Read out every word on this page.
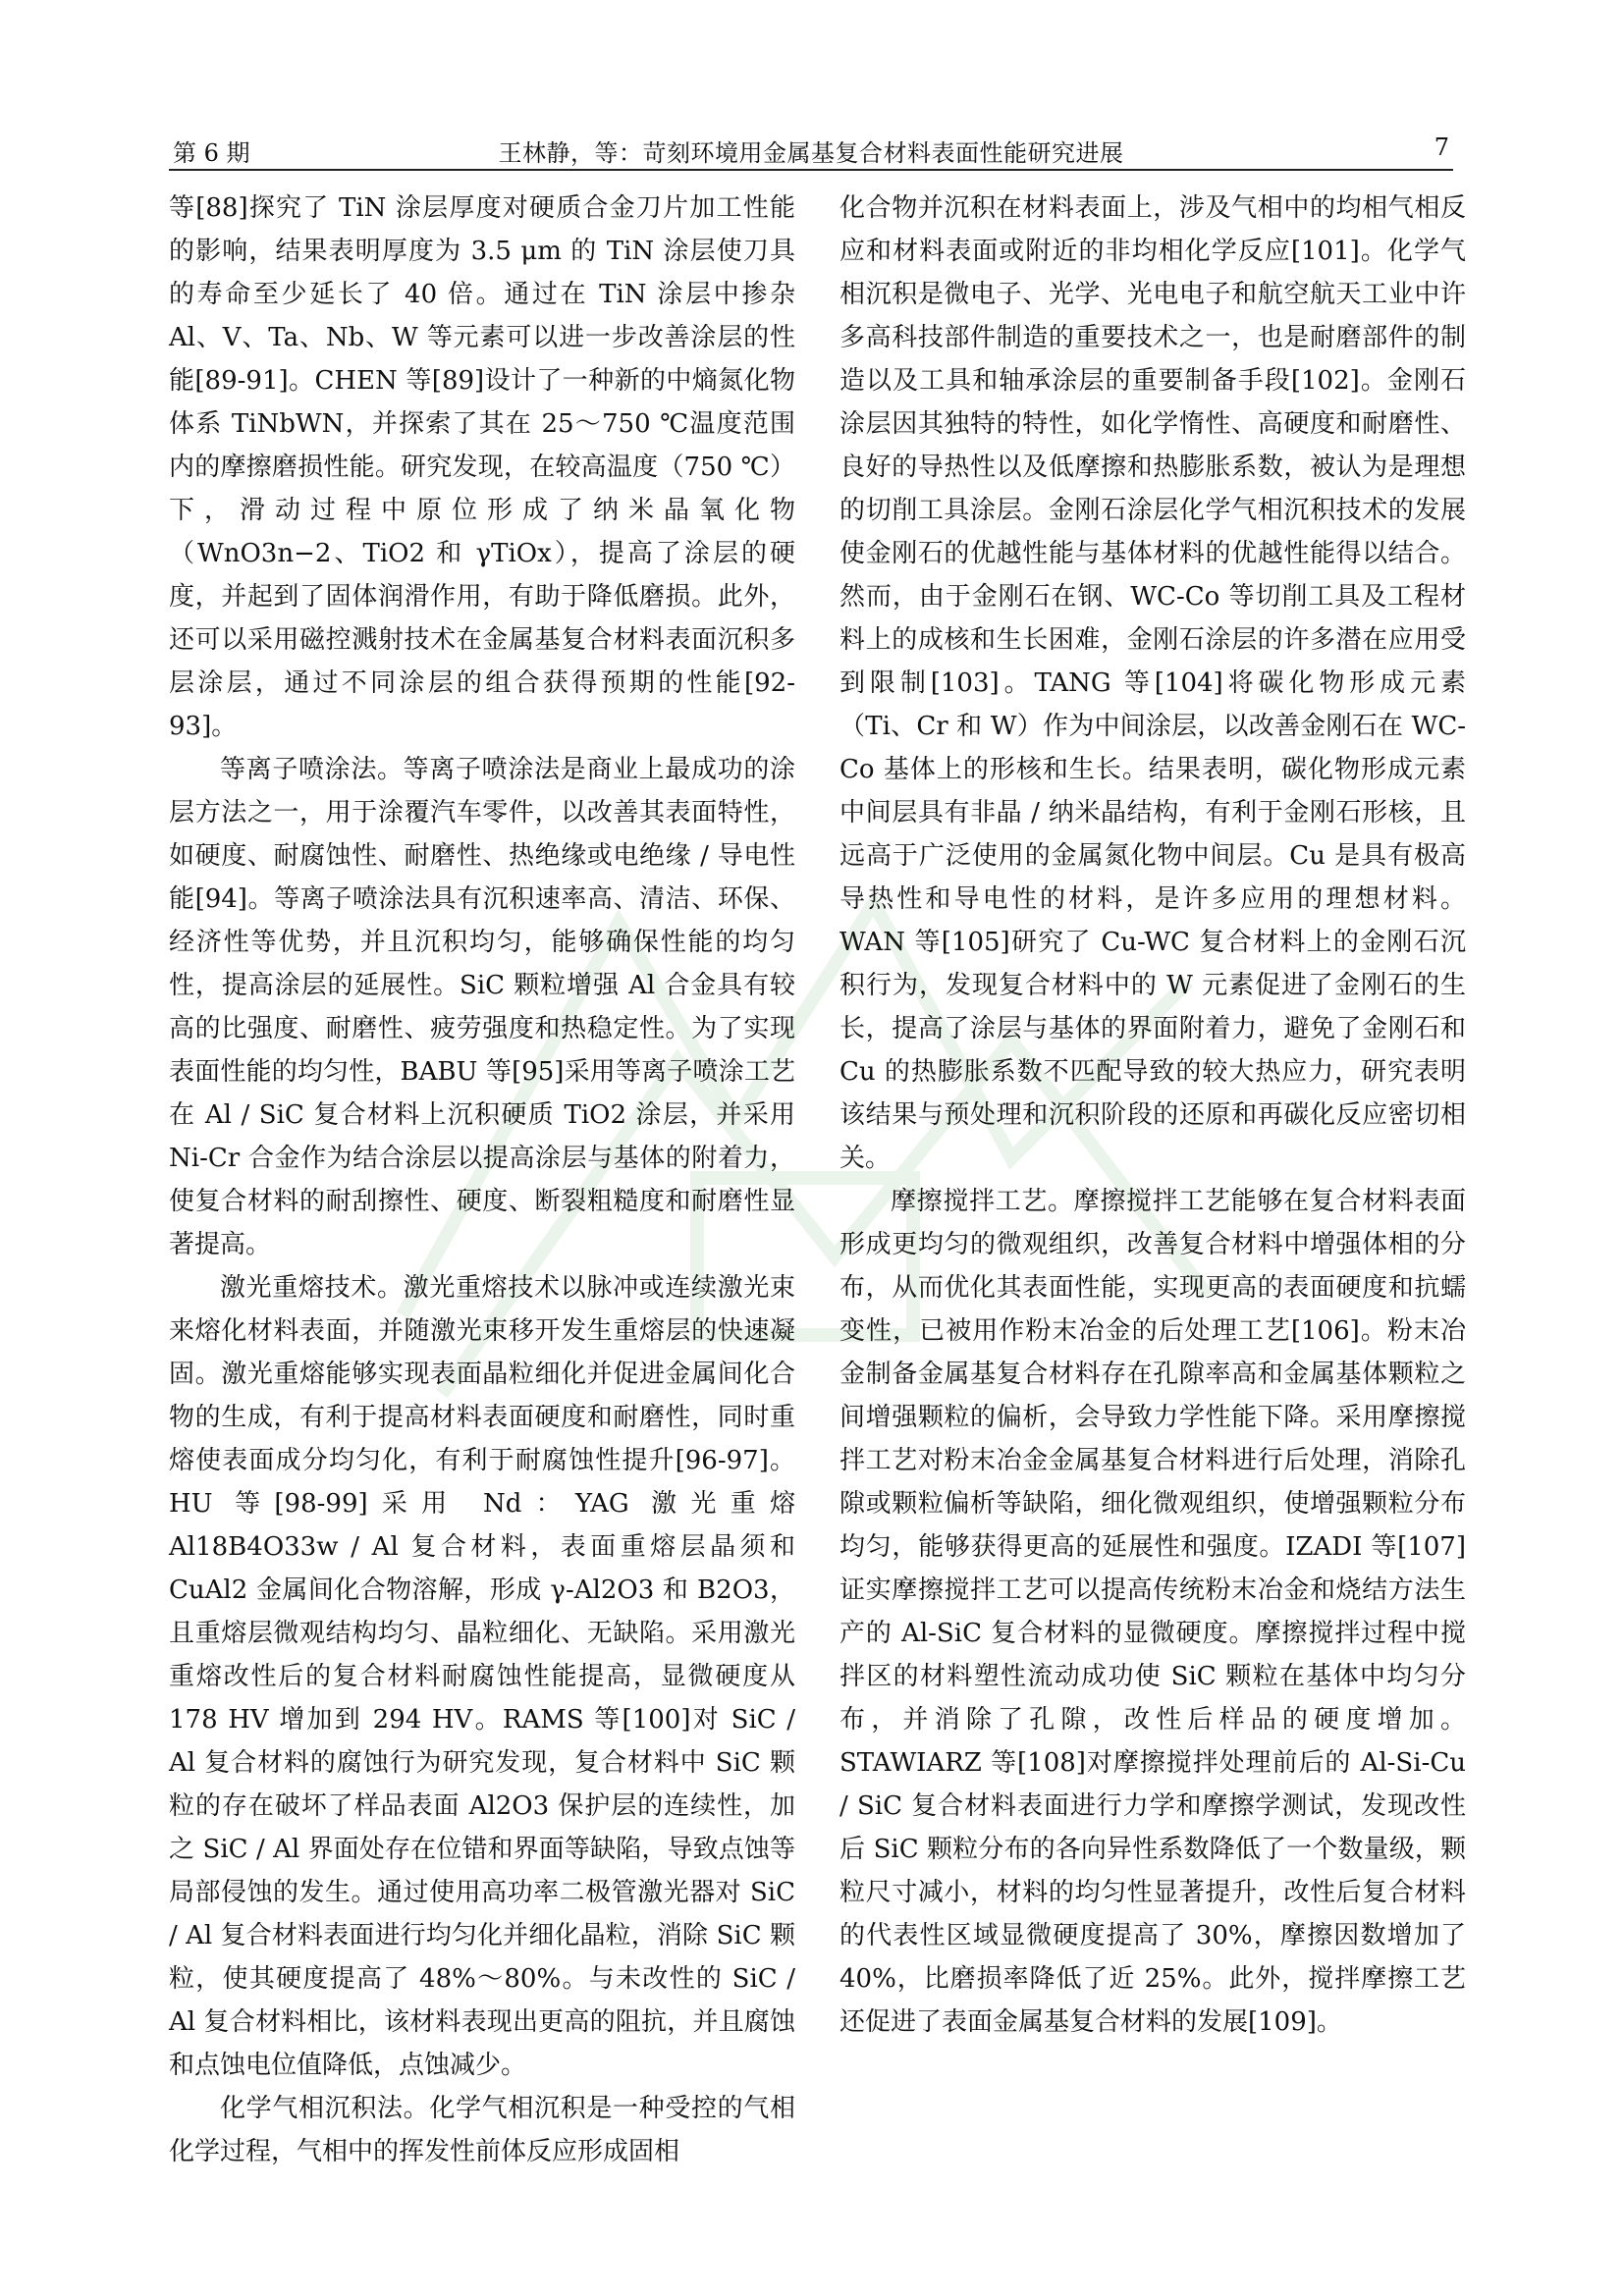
第 6 期	王林静，等：苛刻环境用金属基复合材料表面性能研究进展	7

等[88]探究了 TiN 涂层厚度对硬质合金刀片加工性能的影响，结果表明厚度为 3.5 μm 的 TiN 涂层使刀具的寿命至少延长了 40 倍。通过在 TiN 涂层中掺杂 Al、V、Ta、Nb、W 等元素可以进一步改善涂层的性能[89-91]。CHEN 等[89]设计了一种新的中熵氮化物体系 TiNbWN，并探索了其在 25～750 ℃温度范围内的摩擦磨损性能。研究发现，在较高温度（750 ℃）下，滑动过程中原位形成了纳米晶氧化物（WnO3n−2、TiO2 和 γTiOx），提高了涂层的硬度，并起到了固体润滑作用，有助于降低磨损。此外，还可以采用磁控溅射技术在金属基复合材料表面沉积多层涂层，通过不同涂层的组合获得预期的性能[92-93]。

等离子喷涂法。等离子喷涂法是商业上最成功的涂层方法之一，用于涂覆汽车零件，以改善其表面特性，如硬度、耐腐蚀性、耐磨性、热绝缘或电绝缘 / 导电性能[94]。等离子喷涂法具有沉积速率高、清洁、环保、经济性等优势，并且沉积均匀，能够确保性能的均匀性，提高涂层的延展性。SiC 颗粒增强 Al 合金具有较高的比强度、耐磨性、疲劳强度和热稳定性。为了实现表面性能的均匀性，BABU 等[95]采用等离子喷涂工艺在 Al / SiC 复合材料上沉积硬质 TiO2 涂层，并采用 Ni-Cr 合金作为结合涂层以提高涂层与基体的附着力，使复合材料的耐刮擦性、硬度、断裂粗糙度和耐磨性显著提高。

激光重熔技术。激光重熔技术以脉冲或连续激光束来熔化材料表面，并随激光束移开发生重熔层的快速凝固。激光重熔能够实现表面晶粒细化并促进金属间化合物的生成，有利于提高材料表面硬度和耐磨性，同时重熔使表面成分均匀化，有利于耐腐蚀性提升[96-97]。HU 等[98-99]采用 Nd：YAG 激光重熔 Al18B4O33w / Al 复合材料，表面重熔层晶须和 CuAl2 金属间化合物溶解，形成 γ-Al2O3 和 B2O3，且重熔层微观结构均匀、晶粒细化、无缺陷。采用激光重熔改性后的复合材料耐腐蚀性能提高，显微硬度从 178 HV 增加到 294 HV。RAMS 等[100]对 SiC / Al 复合材料的腐蚀行为研究发现，复合材料中 SiC 颗粒的存在破坏了样品表面 Al2O3 保护层的连续性，加之 SiC / Al 界面处存在位错和界面等缺陷，导致点蚀等局部侵蚀的发生。通过使用高功率二极管激光器对 SiC / Al 复合材料表面进行均匀化并细化晶粒，消除 SiC 颗粒，使其硬度提高了 48%～80%。与未改性的 SiC / Al 复合材料相比，该材料表现出更高的阻抗，并且腐蚀和点蚀电位值降低，点蚀减少。

化学气相沉积法。化学气相沉积是一种受控的气相化学过程，气相中的挥发性前体反应形成固相

化合物并沉积在材料表面上，涉及气相中的均相气相反应和材料表面或附近的非均相化学反应[101]。化学气相沉积是微电子、光学、光电电子和航空航天工业中许多高科技部件制造的重要技术之一，也是耐磨部件的制造以及工具和轴承涂层的重要制备手段[102]。金刚石涂层因其独特的特性，如化学惰性、高硬度和耐磨性、良好的导热性以及低摩擦和热膨胀系数，被认为是理想的切削工具涂层。金刚石涂层化学气相沉积技术的发展使金刚石的优越性能与基体材料的优越性能得以结合。然而，由于金刚石在钢、WC-Co 等切削工具及工程材料上的成核和生长困难，金刚石涂层的许多潜在应用受到限制[103]。TANG 等[104]将碳化物形成元素（Ti、Cr 和 W）作为中间涂层，以改善金刚石在 WC-Co 基体上的形核和生长。结果表明，碳化物形成元素中间层具有非晶 / 纳米晶结构，有利于金刚石形核，且远高于广泛使用的金属氮化物中间层。Cu 是具有极高导热性和导电性的材料，是许多应用的理想材料。WAN 等[105]研究了 Cu-WC 复合材料上的金刚石沉积行为，发现复合材料中的 W 元素促进了金刚石的生长，提高了涂层与基体的界面附着力，避免了金刚石和 Cu 的热膨胀系数不匹配导致的较大热应力，研究表明该结果与预处理和沉积阶段的还原和再碳化反应密切相关。

摩擦搅拌工艺。摩擦搅拌工艺能够在复合材料表面形成更均匀的微观组织，改善复合材料中增强体相的分布，从而优化其表面性能，实现更高的表面硬度和抗蠕变性，已被用作粉末冶金的后处理工艺[106]。粉末冶金制备金属基复合材料存在孔隙率高和金属基体颗粒之间增强颗粒的偏析，会导致力学性能下降。采用摩擦搅拌工艺对粉末冶金金属基复合材料进行后处理，消除孔隙或颗粒偏析等缺陷，细化微观组织，使增强颗粒分布均匀，能够获得更高的延展性和强度。IZADI 等[107]证实摩擦搅拌工艺可以提高传统粉末冶金和烧结方法生产的 Al-SiC 复合材料的显微硬度。摩擦搅拌过程中搅拌区的材料塑性流动成功使 SiC 颗粒在基体中均匀分布，并消除了孔隙，改性后样品的硬度增加。STAWIARZ 等[108]对摩擦搅拌处理前后的 Al-Si-Cu / SiC 复合材料表面进行力学和摩擦学测试，发现改性后 SiC 颗粒分布的各向异性系数降低了一个数量级，颗粒尺寸减小，材料的均匀性显著提升，改性后复合材料的代表性区域显微硬度提高了 30%，摩擦因数增加了 40%，比磨损率降低了近 25%。此外，搅拌摩擦工艺还促进了表面金属基复合材料的发展[109]。
